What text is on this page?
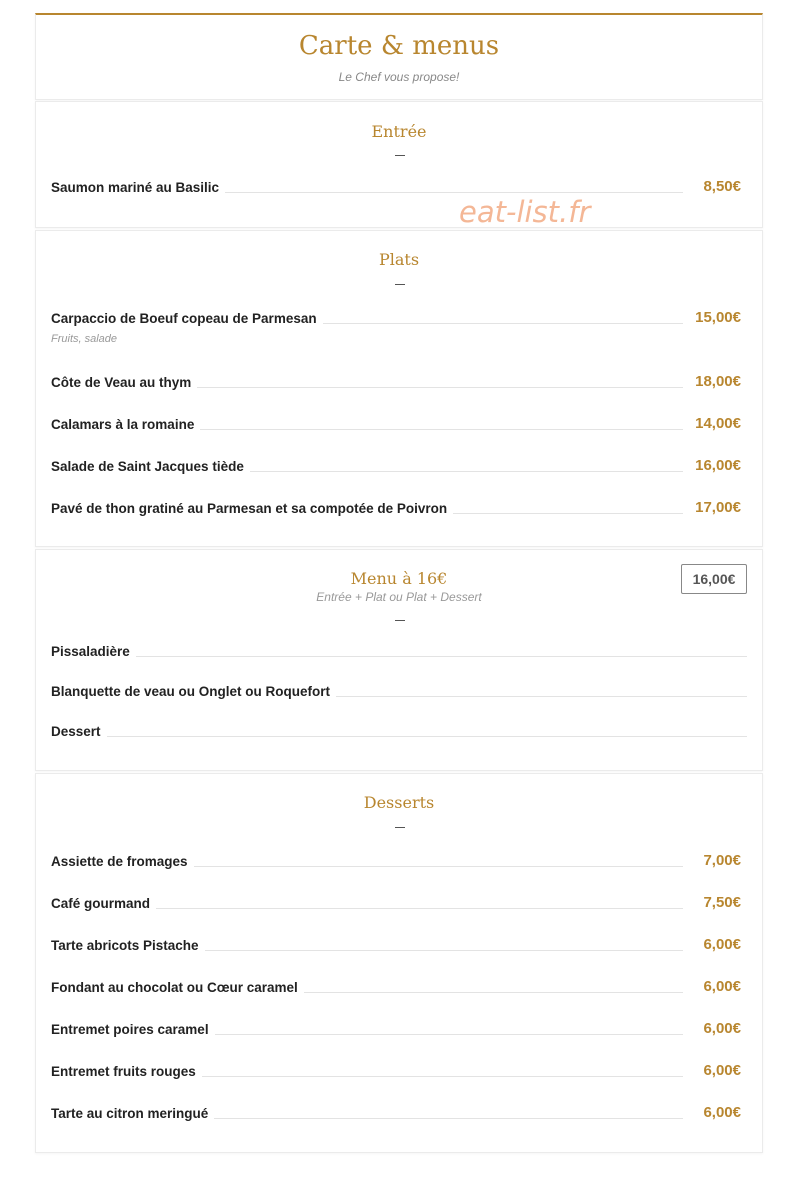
Carte & menus
Le Chef vous propose!
Entrée
Saumon mariné au Basilic	8,50€
Plats
Carpaccio de Boeuf copeau de Parmesan	15,00€
Fruits, salade
Côte de Veau au thym	18,00€
Calamars à la romaine	14,00€
Salade de Saint Jacques tiède	16,00€
Pavé de thon gratiné au Parmesan et sa compotée de Poivron	17,00€
Menu à 16€
Entrée + Plat ou Plat + Dessert
16,00€
Pissaladière
Blanquette de veau ou Onglet ou Roquefort
Dessert
Desserts
Assiette de fromages	7,00€
Café gourmand	7,50€
Tarte abricots Pistache	6,00€
Fondant au chocolat ou Cœur caramel	6,00€
Entremet poires caramel	6,00€
Entremet fruits rouges	6,00€
Tarte au citron meringué	6,00€
eat-list.fr
